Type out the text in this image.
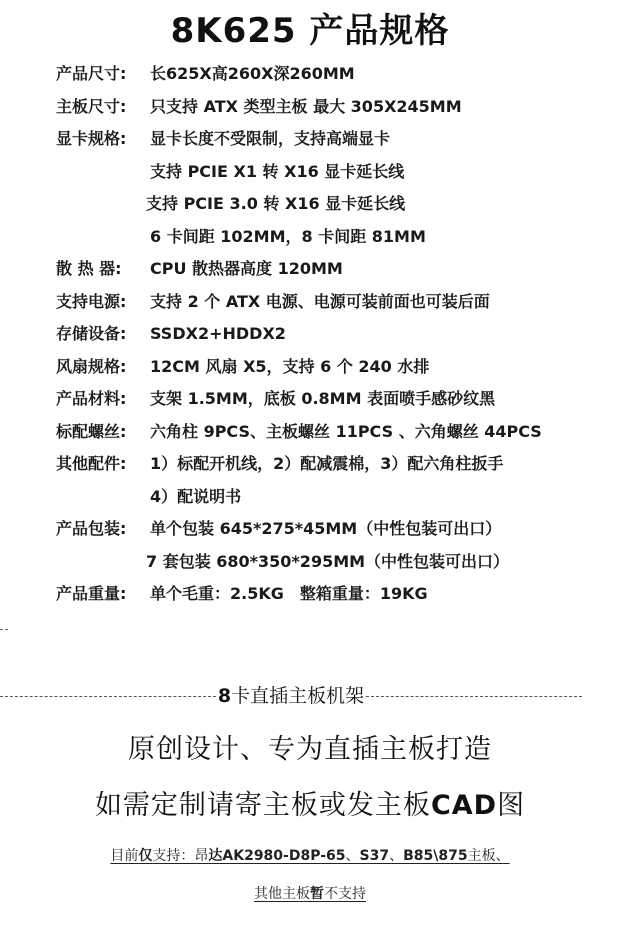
8K625 产品规格
产品尺寸: 长625X高260X深260MM
主板尺寸: 只支持 ATX 类型主板 最大 305X245MM
显卡规格: 显卡长度不受限制，支持高端显卡
支持 PCIE X1 转 X16 显卡延长线
支持 PCIE 3.0 转 X16 显卡延长线
6 卡间距 102MM，8 卡间距 81MM
散 热 器: CPU 散热器高度 120MM
支持电源: 支持 2 个 ATX 电源、电源可装前面也可装后面
存储设备: SSDX2+HDDX2
风扇规格: 12CM 风扇 X5，支持 6 个 240 水排
产品材料: 支架 1.5MM，底板 0.8MM 表面喷手感砂纹黑
标配螺丝: 六角柱 9PCS、主板螺丝 11PCS 、六角螺丝 44PCS
其他配件: 1）标配开机线，2）配减震棉，3）配六角柱扳手
4）配说明书
产品包装: 单个包装 645*275*45MM（中性包装可出口）
7 套包装 680*350*295MM（中性包装可出口）
产品重量: 单个毛重：2.5KG　整箱重量：19KG
8卡直插主板机架
原创设计、专为直插主板打造
如需定制请寄主板或发主板CAD图
目前仅支持：昂达AK2980-D8P-65、S37、B85\875主板、
其他主板暂不支持
